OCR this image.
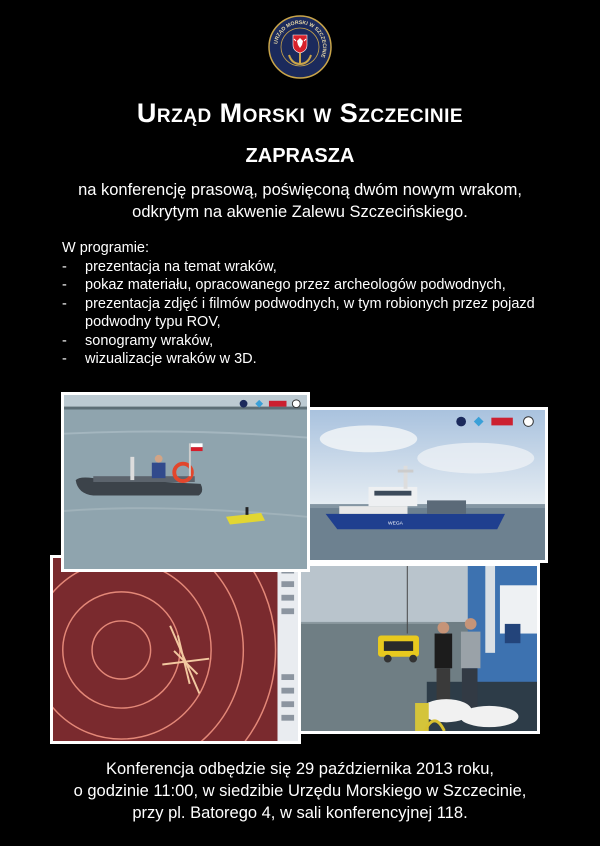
URZĄD MORSKI W SZCZECINIE
Urząd Morski w Szczecinie
ZAPRASZA
na konferencję prasową, poświęconą dwóm nowym wrakom,
odkrytym na akwenie Zalewu Szczecińskiego.
W programie:
- prezentacja na temat wraków,
- pokaz materiału, opracowanego przez archeologów podwodnych,
- prezentacja zdjęć i filmów podwodnych, w tym robionych przez pojazd podwodny typu ROV,
- sonogramy wraków,
- wizualizacje wraków w 3D.
WEGA
Konferencja odbędzie się 29 października 2013 roku,
o godzinie 11:00, w siedzibie Urzędu Morskiego w Szczecinie,
przy pl. Batorego 4, w sali konferencyjnej 118.
